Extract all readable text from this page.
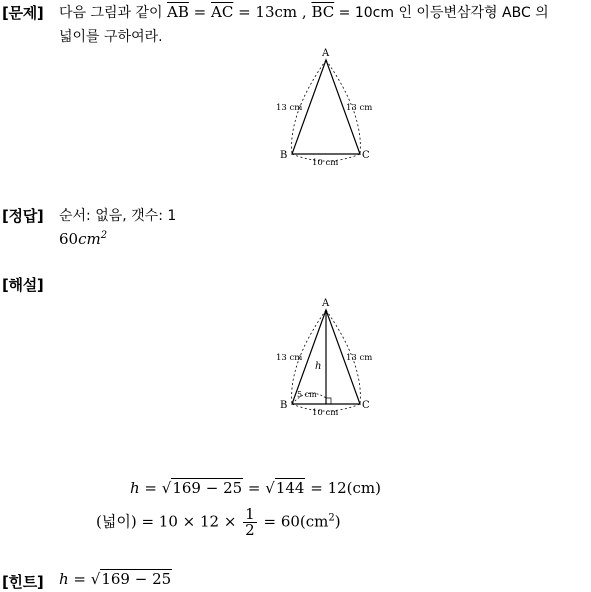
[문제] 다음 그림과 같이 $\overline{AB} = \overline{AC} = 13cm$ , $\overline{BC} = 10cm$ 인 이등변삼각형 ABC 의
넓이를 구하여라.
A
B	C
13 cm	13 cm
10 cm
[정답] 순서: 없음, 갯수: 1
$60cm^2$
[해설]
A
B	C
13 cm	13 cm
10 cm
h
5 cm
h = √169 − 25 = √144 = 12(cm)
(넓이) = $10 \times 12 \times \frac{1}{2} = 60(cm^2)$
[힌트] h = √169 − 25
